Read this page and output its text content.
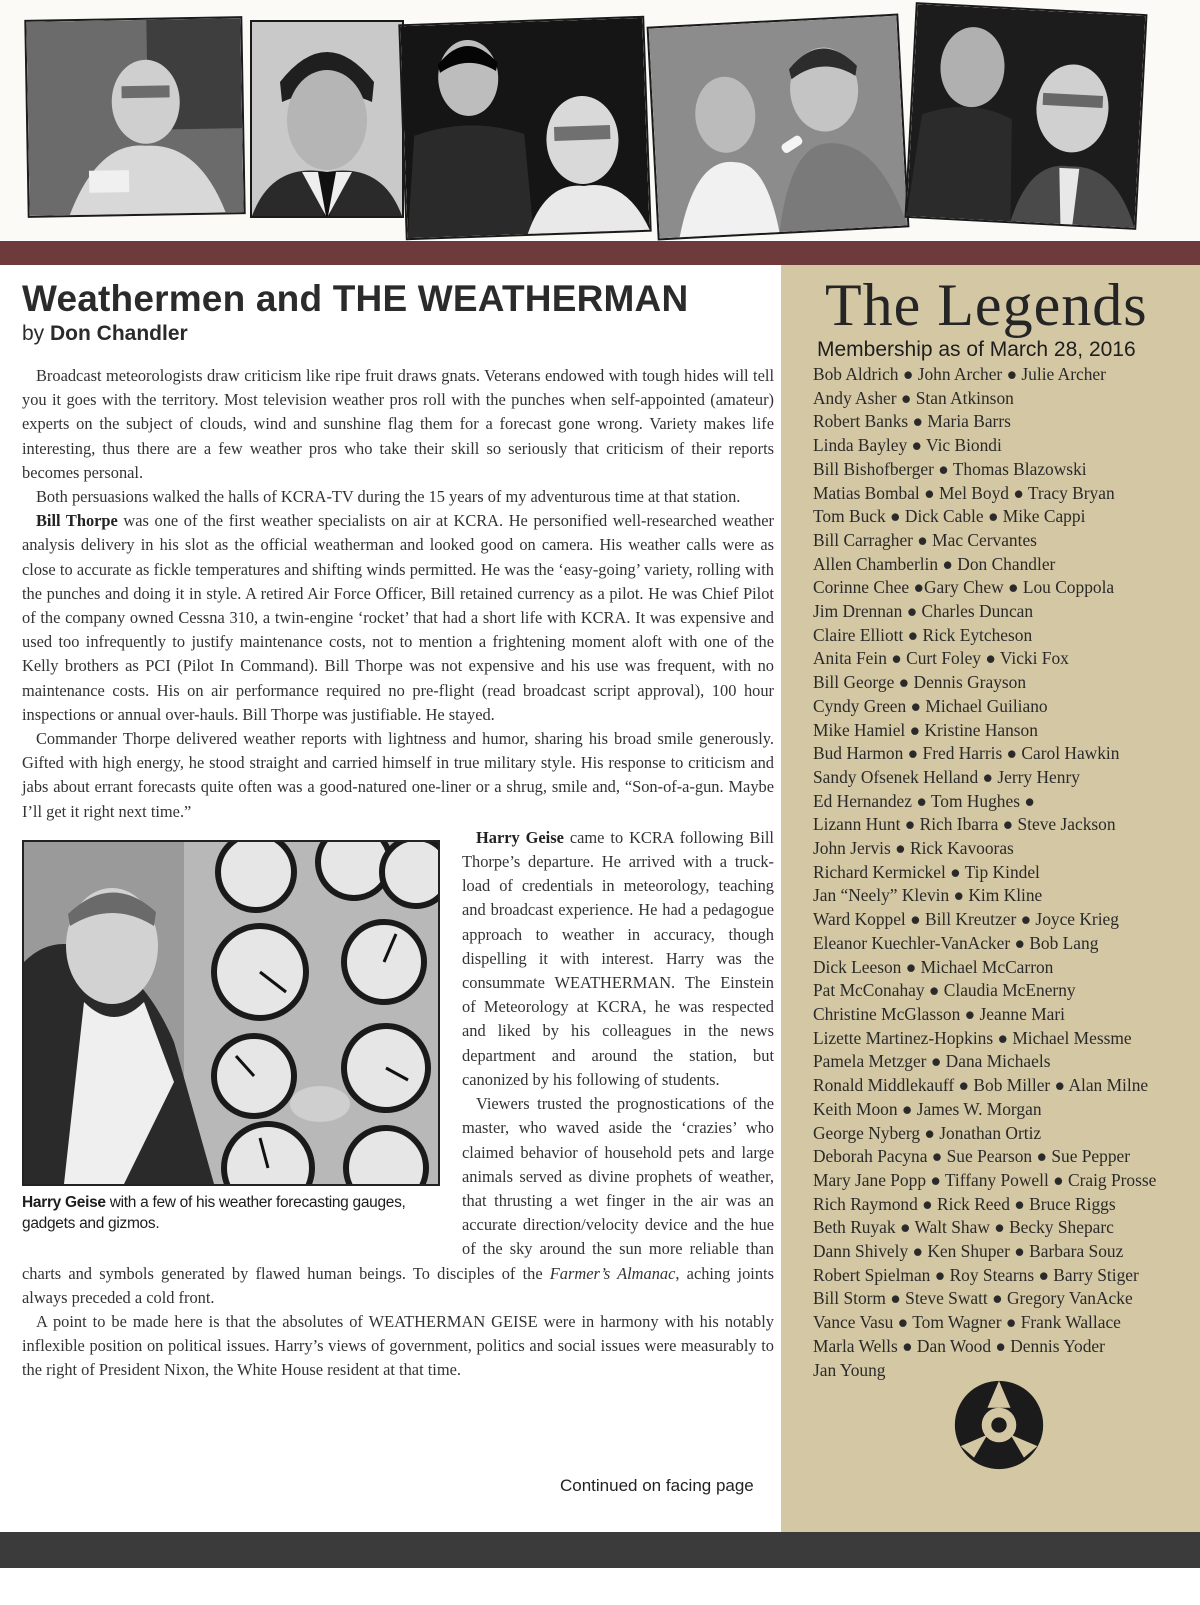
Weathermen and THE WEATHERMAN
by Don Chandler

Broadcast meteorologists draw criticism like ripe fruit draws gnats. Veterans endowed with tough hides will tell you it goes with the territory. Most television weather pros roll with the punches when self-appointed (amateur) experts on the subject of clouds, wind and sunshine flag them for a forecast gone wrong. Variety makes life interesting, thus there are a few weather pros who take their skill so seriously that criticism of their reports becomes personal.

Both persuasions walked the halls of KCRA-TV during the 15 years of my adventurous time at that station.

Bill Thorpe was one of the first weather specialists on air at KCRA. He personified well-researched weather analysis delivery in his slot as the official weatherman and looked good on camera. His weather calls were as close to accurate as fickle temperatures and shifting winds permitted. He was the ‘easy-going’ variety, rolling with the punches and doing it in style. A retired Air Force Officer, Bill retained currency as a pilot. He was Chief Pilot of the company owned Cessna 310, a twin-engine ‘rocket’ that had a short life with KCRA. It was expensive and used too infrequently to justify maintenance costs, not to mention a frightening moment aloft with one of the Kelly brothers as PCI (Pilot In Command). Bill Thorpe was not expensive and his use was frequent, with no maintenance costs. His on air performance required no pre-flight (read broadcast script approval), 100 hour inspections or annual over-hauls. Bill Thorpe was justifiable. He stayed.

Commander Thorpe delivered weather reports with lightness and humor, sharing his broad smile generously. Gifted with high energy, he stood straight and carried himself in true military style. His response to criticism and jabs about errant forecasts quite often was a good-natured one-liner or a shrug, smile and, “Son-of-a-gun. Maybe I’ll get it right next time.”

Harry Geise with a few of his weather forecasting gauges, gadgets and gizmos.

Harry Geise came to KCRA following Bill Thorpe’s departure. He arrived with a truck-load of credentials in meteorology, teaching and broadcast experience. He had a pedagogue approach to weather in accuracy, though dispelling it with interest. Harry was the consummate WEATHERMAN. The Einstein of Meteorology at KCRA, he was respected and liked by his colleagues in the news department and around the station, but canonized by his following of students.

Viewers trusted the prognostications of the master, who waved aside the ‘crazies’ who claimed behavior of household pets and large animals served as divine prophets of weather, that thrusting a wet finger in the air was an accurate direction/velocity device and the hue of the sky around the sun more reliable than charts and symbols generated by flawed human beings. To disciples of the Farmer’s Almanac, aching joints always preceded a cold front.

A point to be made here is that the absolutes of WEATHERMAN GEISE were in harmony with his notably inflexible position on political issues. Harry’s views of government, politics and social issues were measurably to the right of President Nixon, the White House resident at that time.

Continued on facing page
The Legends
Membership as of March 28, 2016
Bob Aldrich ● John Archer ● Julie Archer
Andy Asher ● Stan Atkinson
Robert Banks ● Maria Barrs
Linda Bayley ● Vic Biondi
Bill Bishofberger ● Thomas Blazowski
Matias Bombal ● Mel Boyd ● Tracy Bryan
Tom Buck ● Dick Cable ● Mike Cappi
Bill Carragher ● Mac Cervantes
Allen Chamberlin ● Don Chandler
Corinne Chee ●Gary Chew ● Lou Coppola
Jim Drennan ● Charles Duncan
Claire Elliott ● Rick Eytcheson
Anita Fein ● Curt Foley ● Vicki Fox
Bill George ● Dennis Grayson
Cyndy Green ● Michael Guiliano
Mike Hamiel ● Kristine Hanson
Bud Harmon ● Fred Harris ● Carol Hawkin
Sandy Ofsenek Helland ● Jerry Henry
Ed Hernandez ● Tom Hughes ●
Lizann Hunt ● Rich Ibarra ● Steve Jackson
John Jervis ● Rick Kavooras
Richard Kermickel ● Tip Kindel
Jan “Neely” Klevin ● Kim Kline
Ward Koppel ● Bill Kreutzer ● Joyce Krieg
Eleanor Kuechler-VanAcker ● Bob Lang
Dick Leeson ● Michael McCarron
Pat McConahay ● Claudia McEnerny
Christine McGlasson ● Jeanne Mari
Lizette Martinez-Hopkins ● Michael Messme
Pamela Metzger ● Dana Michaels
Ronald Middlekauff ● Bob Miller ● Alan Milne
Keith Moon ● James W. Morgan
George Nyberg ● Jonathan Ortiz
Deborah Pacyna ● Sue Pearson ● Sue Pepper
Mary Jane Popp ● Tiffany Powell ● Craig Prosse
Rich Raymond ● Rick Reed ● Bruce Riggs
Beth Ruyak ● Walt Shaw ● Becky Sheparc
Dann Shively ● Ken Shuper ● Barbara Souz
Robert Spielman ● Roy Stearns ● Barry Stiger
Bill Storm ● Steve Swatt ● Gregory VanAcke
Vance Vasu ● Tom Wagner ● Frank Wallace
Marla Wells ● Dan Wood ● Dennis Yoder
Jan Young
